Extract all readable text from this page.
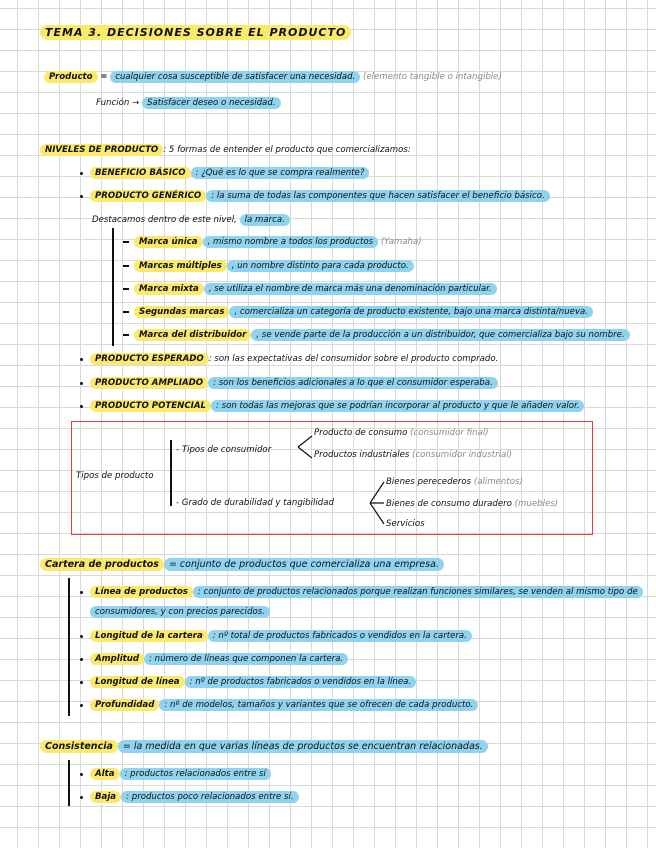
TEMA 3. DECISIONES SOBRE EL PRODUCTO
Producto = cualquier cosa susceptible de satisfacer una necesidad. (elemento tangible o intangible)
Función → Satisfacer deseo o necesidad.
NIVELES DE PRODUCTO : 5 formas de entender el producto que comercializamos:
BENEFICIO BÁSICO : ¿Qué es lo que se compra realmente?
PRODUCTO GENÉRICO : la suma de todas las componentes que hacen satisfacer el beneficio básico.
Destacamos dentro de este nivel, la marca.
Marca única , mismo nombre a todos los productos (Yamaha)
Marcas múltiples , un nombre distinto para cada producto.
Marca mixta , se utiliza el nombre de marca más una denominación particular.
Segundas marcas , comercializa un categoría de producto existente, bajo una marca distinta/nueva.
Marca del distribuidor , se vende parte de la producción a un distribuidor, que comercializa bajo su nombre.
PRODUCTO ESPERADO : son las expectativas del consumidor sobre el producto comprado.
PRODUCTO AMPLIADO : son los beneficios adicionales a lo que el consumidor esperaba.
PRODUCTO POTENCIAL : son todas las mejoras que se podrían incorporar al producto y que le añaden valor.
Tipos de producto
- Tipos de consumidor
Producto de consumo (consumidor final)
Productos industriales (consumidor industrial)
- Grado de durabilidad y tangibilidad
Bienes perecederos (alimentos)
Bienes de consumo duradero (muebles)
Servicios
Cartera de productos = conjunto de productos que comercializa una empresa.
Línea de productos : conjunto de productos relacionados porque realizan funciones similares, se venden al mismo tipo de
consumidores, y con precios parecidos.
Longitud de la cartera : nº total de productos fabricados o vendidos en la cartera.
Amplitud : número de líneas que componen la cartera.
Longitud de línea : nº de productos fabricados o vendidos en la línea.
Profundidad : nº de modelos, tamaños y variantes que se ofrecen de cada producto.
Consistencia = la medida en que varias líneas de productos se encuentran relacionadas.
Alta : productos relacionados entre sí
Baja : productos poco relacionados entre sí.
